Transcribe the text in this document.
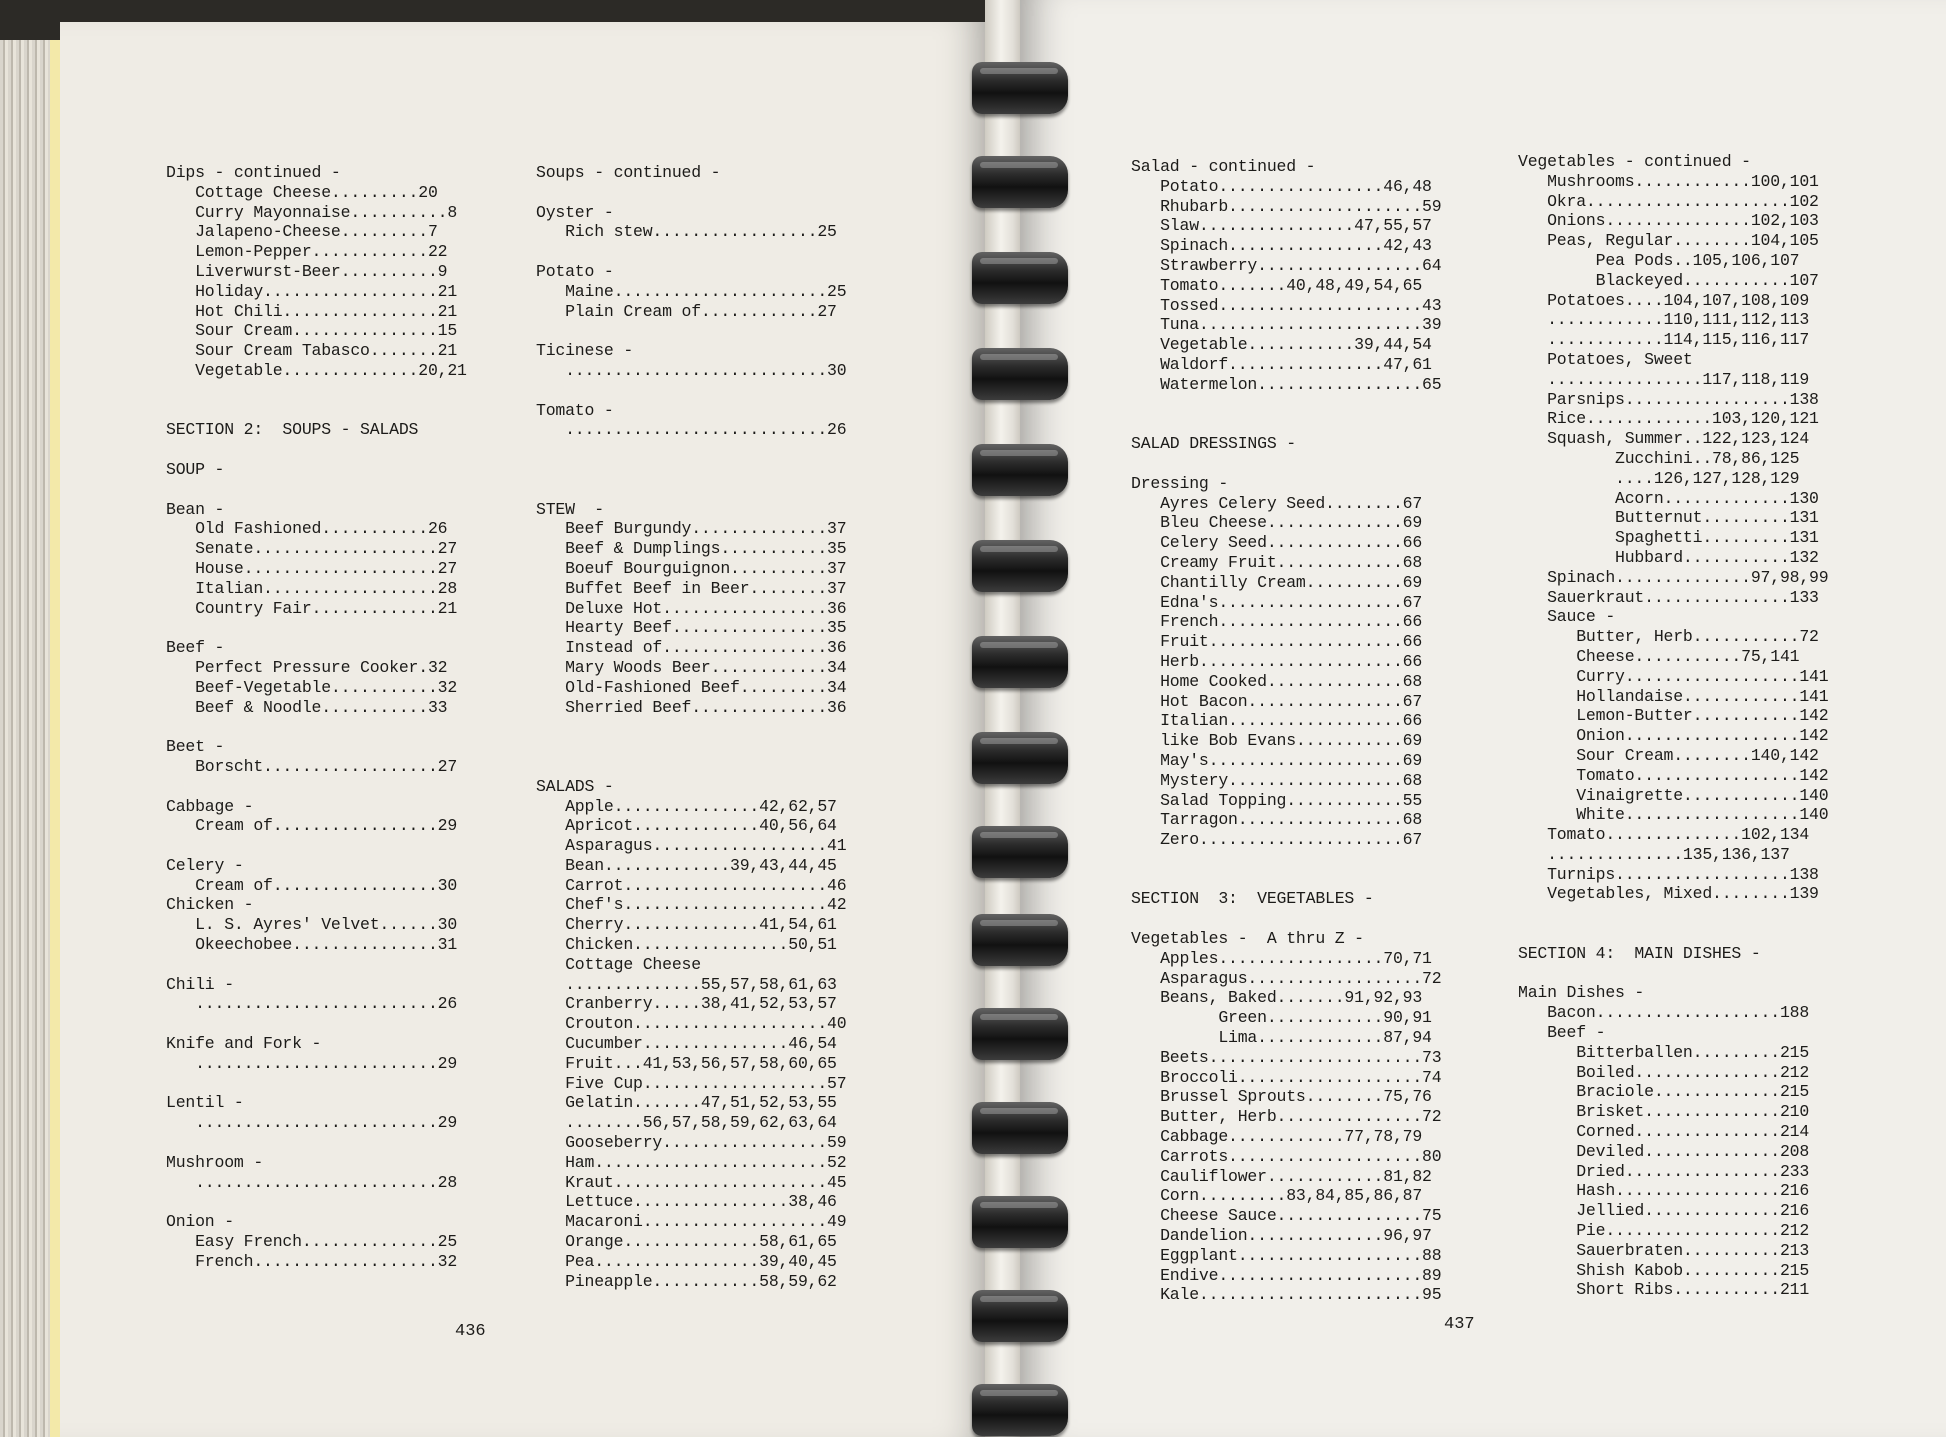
Dips - continued -
Cottage Cheese.........20
Curry Mayonnaise..........8
Jalapeno-Cheese.........7
Lemon-Pepper............22
Liverwurst-Beer..........9
Holiday..................21
Hot Chili................21
Sour Cream...............15
Sour Cream Tabasco.......21
Vegetable..............20,21
SECTION 2:  SOUPS - SALADS
SOUP -
Bean -
Old Fashioned...........26
Senate...................27
House....................27
Italian..................28
Country Fair.............21
Beef -
Perfect Pressure Cooker.32
Beef-Vegetable...........32
Beef & Noodle...........33
Beet -
Borscht..................27
Cabbage -
Cream of.................29
Celery -
Cream of.................30
Chicken -
L. S. Ayres' Velvet......30
Okeechobee...............31
Chili -
.........................26
Knife and Fork -
.........................29
Lentil -
.........................29
Mushroom -
.........................28
Onion -
Easy French..............25
French...................32
Soups - continued -
Oyster -
Rich stew.................25
Potato -
Maine......................25
Plain Cream of............27
Ticinese -
...........................30
Tomato -
...........................26
STEW  -
Beef Burgundy..............37
Beef & Dumplings...........35
Boeuf Bourguignon..........37
Buffet Beef in Beer........37
Deluxe Hot.................36
Hearty Beef................35
Instead of.................36
Mary Woods Beer............34
Old-Fashioned Beef.........34
Sherried Beef..............36
SALADS -
Apple...............42,62,57
Apricot.............40,56,64
Asparagus..................41
Bean.............39,43,44,45
Carrot.....................46
Chef's.....................42
Cherry..............41,54,61
Chicken................50,51
Cottage Cheese
..............55,57,58,61,63
Cranberry.....38,41,52,53,57
Crouton....................40
Cucumber...............46,54
Fruit...41,53,56,57,58,60,65
Five Cup...................57
Gelatin.......47,51,52,53,55
........56,57,58,59,62,63,64
Gooseberry.................59
Ham........................52
Kraut......................45
Lettuce................38,46
Macaroni...................49
Orange..............58,61,65
Pea.................39,40,45
Pineapple...........58,59,62
Salad - continued -
Potato.................46,48
Rhubarb....................59
Slaw................47,55,57
Spinach................42,43
Strawberry.................64
Tomato.......40,48,49,54,65
Tossed.....................43
Tuna.......................39
Vegetable...........39,44,54
Waldorf................47,61
Watermelon.................65
SALAD DRESSINGS -
Dressing -
Ayres Celery Seed........67
Bleu Cheese..............69
Celery Seed..............66
Creamy Fruit.............68
Chantilly Cream..........69
Edna's...................67
French...................66
Fruit....................66
Herb.....................66
Home Cooked..............68
Hot Bacon................67
Italian..................66
like Bob Evans...........69
May's....................69
Mystery..................68
Salad Topping............55
Tarragon.................68
Zero.....................67
SECTION  3:  VEGETABLES -
Vegetables -  A thru Z -
Apples.................70,71
Asparagus..................72
Beans, Baked.......91,92,93
Green............90,91
Lima.............87,94
Beets......................73
Broccoli...................74
Brussel Sprouts........75,76
Butter, Herb...............72
Cabbage............77,78,79
Carrots....................80
Cauliflower............81,82
Corn.........83,84,85,86,87
Cheese Sauce...............75
Dandelion..............96,97
Eggplant...................88
Endive.....................89
Kale.......................95
Vegetables - continued -
Mushrooms............100,101
Okra.....................102
Onions...............102,103
Peas, Regular........104,105
Pea Pods..105,106,107
Blackeyed...........107
Potatoes....104,107,108,109
............110,111,112,113
............114,115,116,117
Potatoes, Sweet
................117,118,119
Parsnips.................138
Rice.............103,120,121
Squash, Summer..122,123,124
Zucchini..78,86,125
....126,127,128,129
Acorn.............130
Butternut.........131
Spaghetti.........131
Hubbard...........132
Spinach..............97,98,99
Sauerkraut...............133
Sauce -
Butter, Herb...........72
Cheese...........75,141
Curry..................141
Hollandaise............141
Lemon-Butter...........142
Onion..................142
Sour Cream........140,142
Tomato.................142
Vinaigrette............140
White..................140
Tomato..............102,134
..............135,136,137
Turnips..................138
Vegetables, Mixed........139
SECTION 4:  MAIN DISHES -
Main Dishes -
Bacon...................188
Beef -
Bitterballen.........215
Boiled...............212
Braciole.............215
Brisket..............210
Corned...............214
Deviled..............208
Dried................233
Hash.................216
Jellied..............216
Pie..................212
Sauerbraten..........213
Shish Kabob..........215
Short Ribs...........211
436	437
